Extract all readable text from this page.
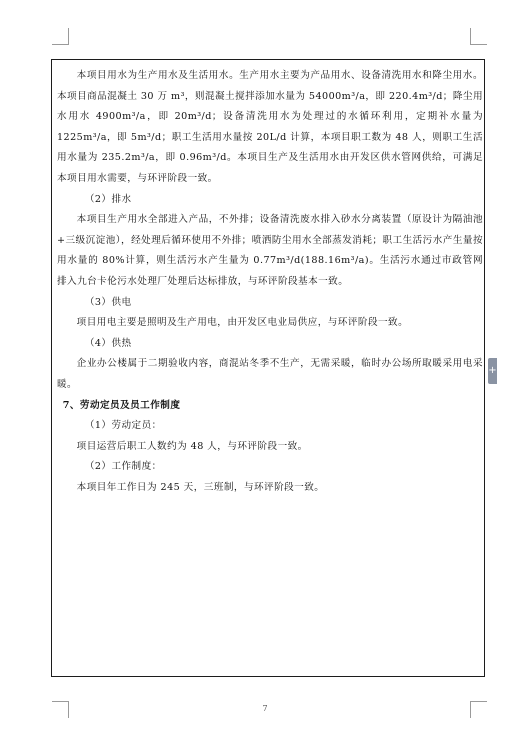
本项目用水为生产用水及生活用水。生产用水主要为产品用水、设备清洗用水和降尘用水。本项目商品混凝土 30 万 m³，则混凝土搅拌添加水量为 54000m³/a，即 220.4m³/d；降尘用水用水 4900m³/a，即 20m³/d；设备清洗用水为处理过的水循环利用，定期补水量为 1225m³/a，即 5m³/d；职工生活用水量按 20L/d 计算，本项目职工数为 48 人，则职工生活用水量为 235.2m³/a，即 0.96m³/d。本项目生产及生活用水由开发区供水管网供给，可满足本项目用水需要，与环评阶段一致。

（2）排水

本项目生产用水全部进入产品，不外排；设备清洗废水排入砂水分离装置（原设计为隔油池+三级沉淀池），经处理后循环使用不外排；喷洒防尘用水全部蒸发消耗；职工生活污水产生量按用水量的 80%计算，则生活污水产生量为 0.77m³/d(188.16m³/a)。生活污水通过市政管网排入九台卡伦污水处理厂处理后达标排放，与环评阶段基本一致。

（3）供电

项目用电主要是照明及生产用电，由开发区电业局供应，与环评阶段一致。

（4）供热

企业办公楼属于二期验收内容，商混站冬季不生产，无需采暖，临时办公场所取暖采用电采暖。

7、劳动定员及员工作制度

（1）劳动定员：

项目运营后职工人数约为 48 人，与环评阶段一致。

（2）工作制度：

本项目年工作日为 245 天，三班制，与环评阶段一致。

7
+
